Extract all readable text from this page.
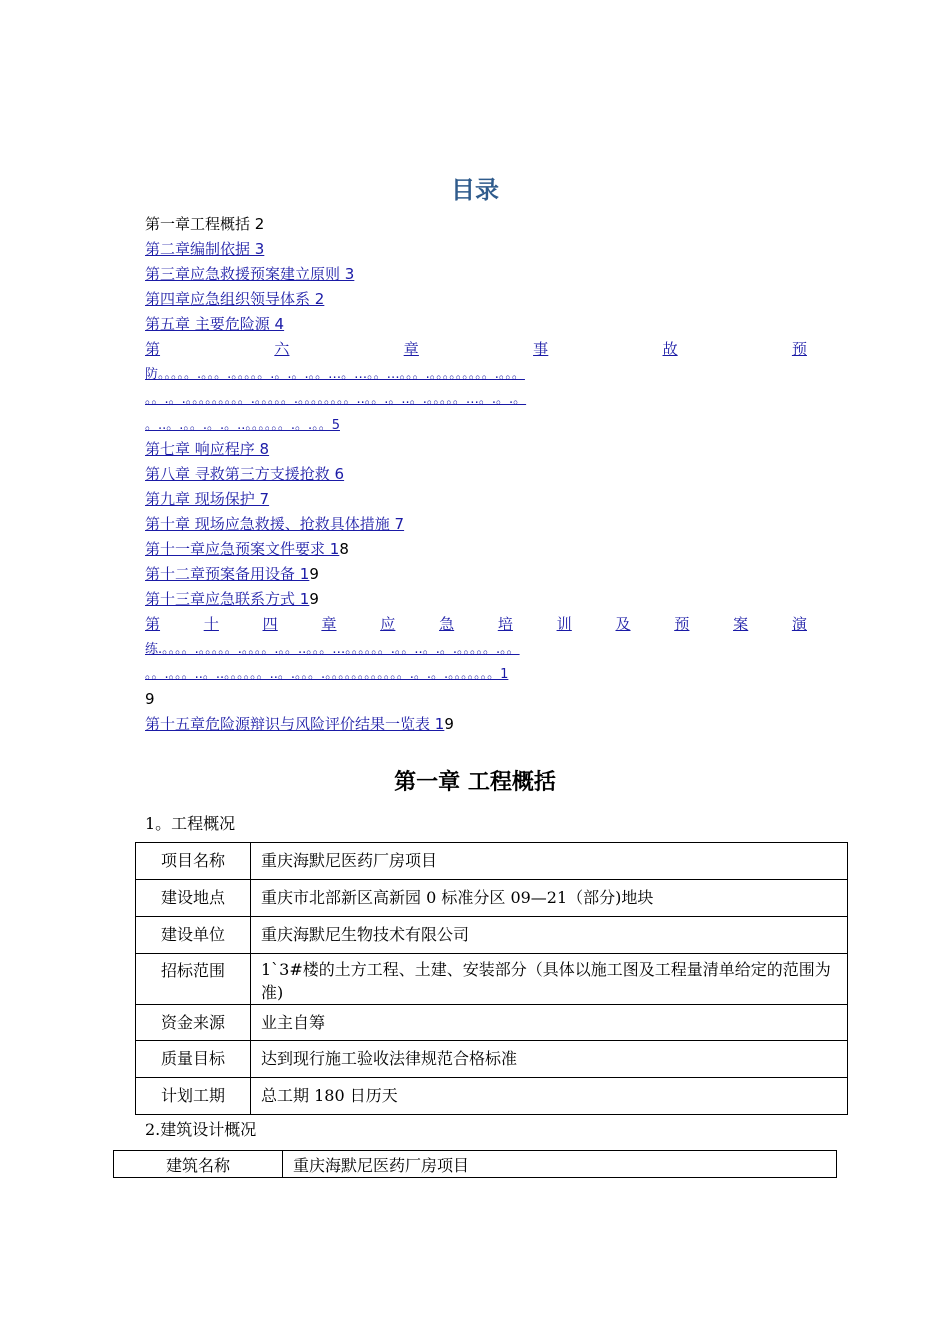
目录
第一章工程概括 2
第二章编制依据 3
第三章应急救援预案建立原则 3
第四章应急组织领导体系 2
第五章 主要危险源 4
第	六	章	事	故	预
防。。。。。.。。。.。。。。。.。.。.。。…。…。。…。。。.。。。。。。。。。.。。。
。。.。.。。。。。。。。。.。。。。。.。。。。。。。。..。。.。..。.。。。。。…。.。.。
。..。.。。.。.。..。。。。。。.。.。。5
第七章 响应程序 8
第八章 寻救第三方支援抢救 6
第九章 现场保护 7
第十章 现场应急救援、抢救具体措施 7
第十一章应急预案文件要求 18
第十二章预案备用设备 19
第十三章应急联系方式 19
第	十	四	章	应	急	培	训	及	预	案	演
练.。。。。.。。。。。.。。。。.。。..。。。…。。。。。。.。。..。.。.。。。。。.。。
。。.。。。..。..。。。。。。..。.。。。.。。。。。。。。。。。。.。.。.。。。。。。。1
9
第十五章危险源辩识与风险评价结果一览表 19
第一章 工程概括
1。工程概况
项目名称	重庆海默尼医药厂房项目
建设地点	重庆市北部新区高新园 0 标准分区 09—21（部分)地块
建设单位	重庆海默尼生物技术有限公司
招标范围	1`3#楼的土方工程、土建、安装部分（具体以施工图及工程量清单给定的范围为准)
资金来源	业主自筹
质量目标	达到现行施工验收法律规范合格标准
计划工期	总工期 180 日历天
2.建筑设计概况
建筑名称	重庆海默尼医药厂房项目
